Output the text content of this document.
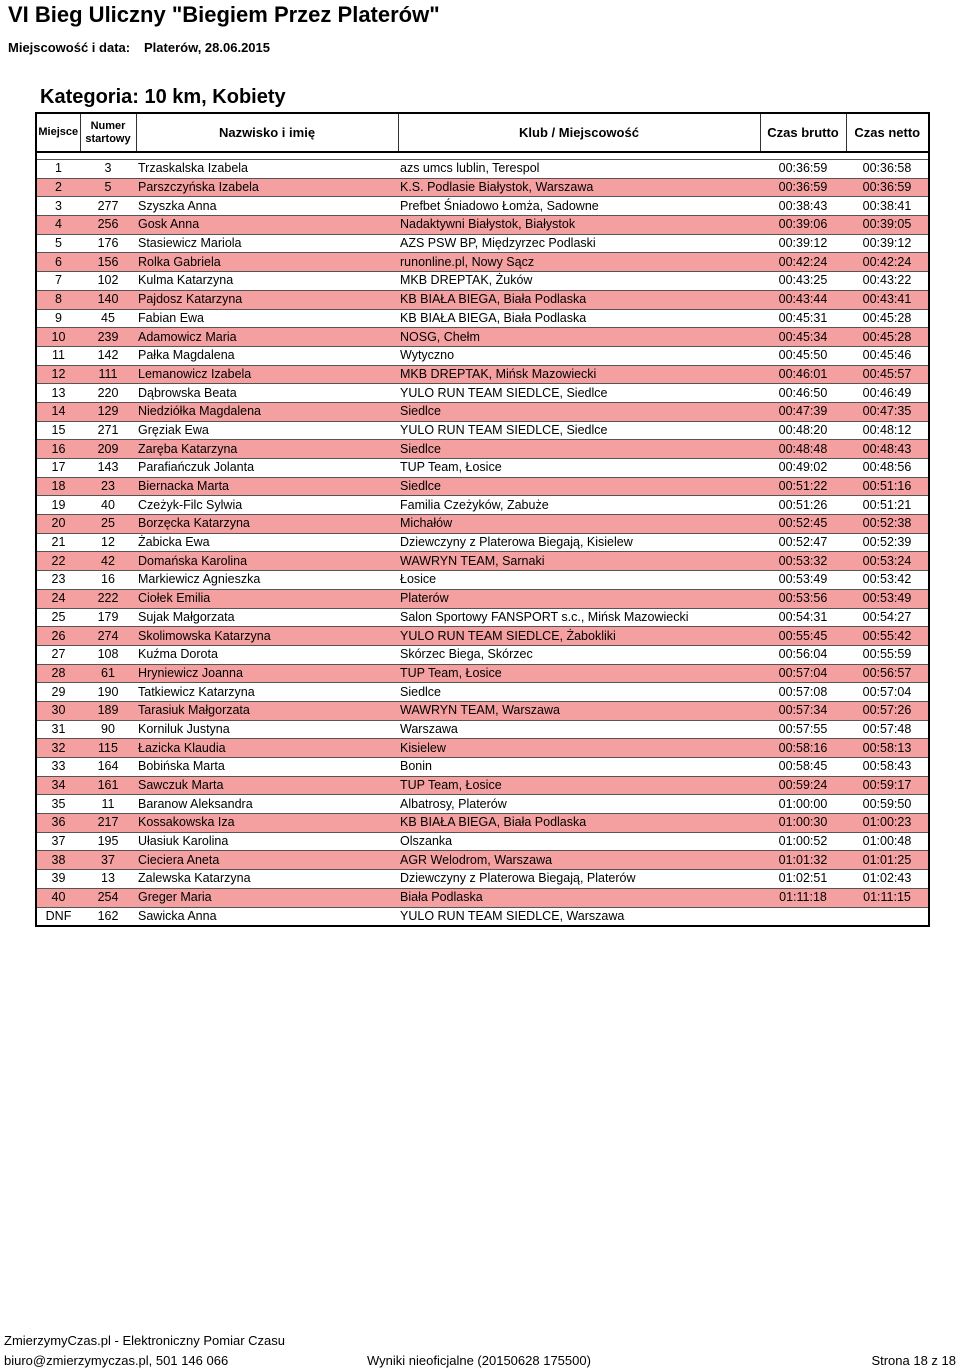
VI Bieg Uliczny "Biegiem Przez Platerów"
Miejscowość i data: Platerów, 28.06.2015
Kategoria: 10 km, Kobiety
Miejsce	Numer startowy	Nazwisko i imię	Klub / Miejscowość	Czas brutto	Czas netto

1	3	Trzaskalska Izabela	azs umcs lublin, Terespol	00:36:59	00:36:58
2	5	Parszczyńska Izabela	K.S. Podlasie Białystok, Warszawa	00:36:59	00:36:59
3	277	Szyszka Anna	Prefbet Śniadowo Łomża, Sadowne	00:38:43	00:38:41
4	256	Gosk Anna	Nadaktywni Białystok, Białystok	00:39:06	00:39:05
5	176	Stasiewicz Mariola	AZS PSW BP, Międzyrzec Podlaski	00:39:12	00:39:12
6	156	Rolka Gabriela	runonline.pl, Nowy Sącz	00:42:24	00:42:24
7	102	Kulma Katarzyna	MKB DREPTAK, Żuków	00:43:25	00:43:22
8	140	Pajdosz Katarzyna	KB BIAŁA BIEGA, Biała Podlaska	00:43:44	00:43:41
9	45	Fabian Ewa	KB BIAŁA BIEGA, Biała Podlaska	00:45:31	00:45:28
10	239	Adamowicz Maria	NOSG, Chełm	00:45:34	00:45:28
11	142	Pałka Magdalena	Wytyczno	00:45:50	00:45:46
12	111	Lemanowicz Izabela	MKB DREPTAK, Mińsk Mazowiecki	00:46:01	00:45:57
13	220	Dąbrowska Beata	YULO RUN TEAM SIEDLCE, Siedlce	00:46:50	00:46:49
14	129	Niedziółka Magdalena	Siedlce	00:47:39	00:47:35
15	271	Gręziak Ewa	YULO RUN TEAM SIEDLCE, Siedlce	00:48:20	00:48:12
16	209	Zaręba Katarzyna	Siedlce	00:48:48	00:48:43
17	143	Parafiańczuk Jolanta	TUP Team, Łosice	00:49:02	00:48:56
18	23	Biernacka Marta	Siedlce	00:51:22	00:51:16
19	40	Czeżyk-Filc Sylwia	Familia Czeżyków, Zabuże	00:51:26	00:51:21
20	25	Borzęcka Katarzyna	Michałów	00:52:45	00:52:38
21	12	Żabicka Ewa	Dziewczyny z Platerowa Biegają, Kisielew	00:52:47	00:52:39
22	42	Domańska Karolina	WAWRYN TEAM, Sarnaki	00:53:32	00:53:24
23	16	Markiewicz Agnieszka	Łosice	00:53:49	00:53:42
24	222	Ciołek Emilia	Platerów	00:53:56	00:53:49
25	179	Sujak Małgorzata	Salon Sportowy FANSPORT s.c., Mińsk Mazowiecki	00:54:31	00:54:27
26	274	Skolimowska Katarzyna	YULO RUN TEAM SIEDLCE, Żabokliki	00:55:45	00:55:42
27	108	Kuźma Dorota	Skórzec Biega, Skórzec	00:56:04	00:55:59
28	61	Hryniewicz Joanna	TUP Team, Łosice	00:57:04	00:56:57
29	190	Tatkiewicz Katarzyna	Siedlce	00:57:08	00:57:04
30	189	Tarasiuk Małgorzata	WAWRYN TEAM, Warszawa	00:57:34	00:57:26
31	90	Korniluk Justyna	Warszawa	00:57:55	00:57:48
32	115	Łazicka Klaudia	Kisielew	00:58:16	00:58:13
33	164	Bobińska Marta	Bonin	00:58:45	00:58:43
34	161	Sawczuk Marta	TUP Team, Łosice	00:59:24	00:59:17
35	11	Baranow Aleksandra	Albatrosy, Platerów	01:00:00	00:59:50
36	217	Kossakowska Iza	KB BIAŁA BIEGA, Biała Podlaska	01:00:30	01:00:23
37	195	Ułasiuk Karolina	Olszanka	01:00:52	01:00:48
38	37	Cieciera Aneta	AGR Welodrom, Warszawa	01:01:32	01:01:25
39	13	Zalewska Katarzyna	Dziewczyny z Platerowa Biegają, Platerów	01:02:51	01:02:43
40	254	Greger Maria	Biała Podlaska	01:11:18	01:11:15
DNF	162	Sawicka Anna	YULO RUN TEAM SIEDLCE, Warszawa		
ZmierzymyCzas.pl - Elektroniczny Pomiar Czasu
biuro@zmierzymyczas.pl, 501 146 066	Wyniki nieoficjalne (20150628 175500)	Strona 18 z 18
